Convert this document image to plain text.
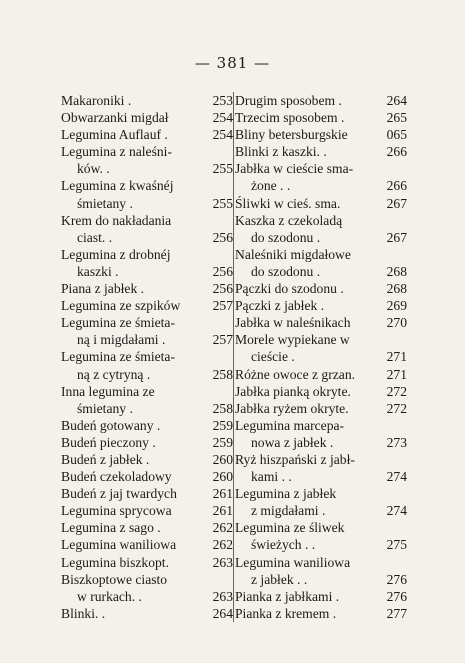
— 381 —
Makaroniki .	253
Obwarzanki migdał	254
Legumina Auflauf .	254
Legumina z naleśni-
ków. .	255
Legumina z kwaśnéj
śmietany .	255
Krem do nakładania
ciast. .	256
Legumina z drobnéj
kaszki .	256
Piana z jabłek .	256
Legumina ze szpików 257
Legumina ze śmieta-
ną i migdałami .	257
Legumina ze śmieta-
ną z cytryną .	258
Inna legumina ze
śmietany .	258
Budeń gotowany .	259
Budeń pieczony .	259
Budeń z jabłek .	260
Budeń czekoladowy	260
Budeń z jaj twardych	261
Legumina sprycowa	261
Legumina z sago .	262
Legumina waniliowa	262
Legumina biszkopt.	263
Biszkoptowe ciasto
w rurkach. .	263
Blinki. .	264
Drugim sposobem .	264
Trzecim sposobem .	265
Bliny betersburgskie	065
Blinki z kaszki. .	266
Jabłka w cieście sma-
żone . .	266
Śliwki w cieś. sma.	267
Kaszka z czekoladą
do szodonu .	267
Naleśniki migdałowe
do szodonu .	268
Pączki do szodonu .	268
Pączki z jabłek .	269
Jabłka w naleśnikach	270
Morele wypiekane w
cieście .	271
Różne owoce z grzan. 271
Jabłka pianką okryte.	272
Jabłka ryżem okryte.	272
Legumina marcepa-
nowa z jabłek .	273
Ryż hiszpański z jabł-
kami . .	274
Legumina z jabłek
z migdałami .	274
Legumina ze śliwek
świeżych . .	275
Legumina waniliowa
z jabłek . .	276
Pianka z jabłkami .	276
Pianka z kremem .	277
